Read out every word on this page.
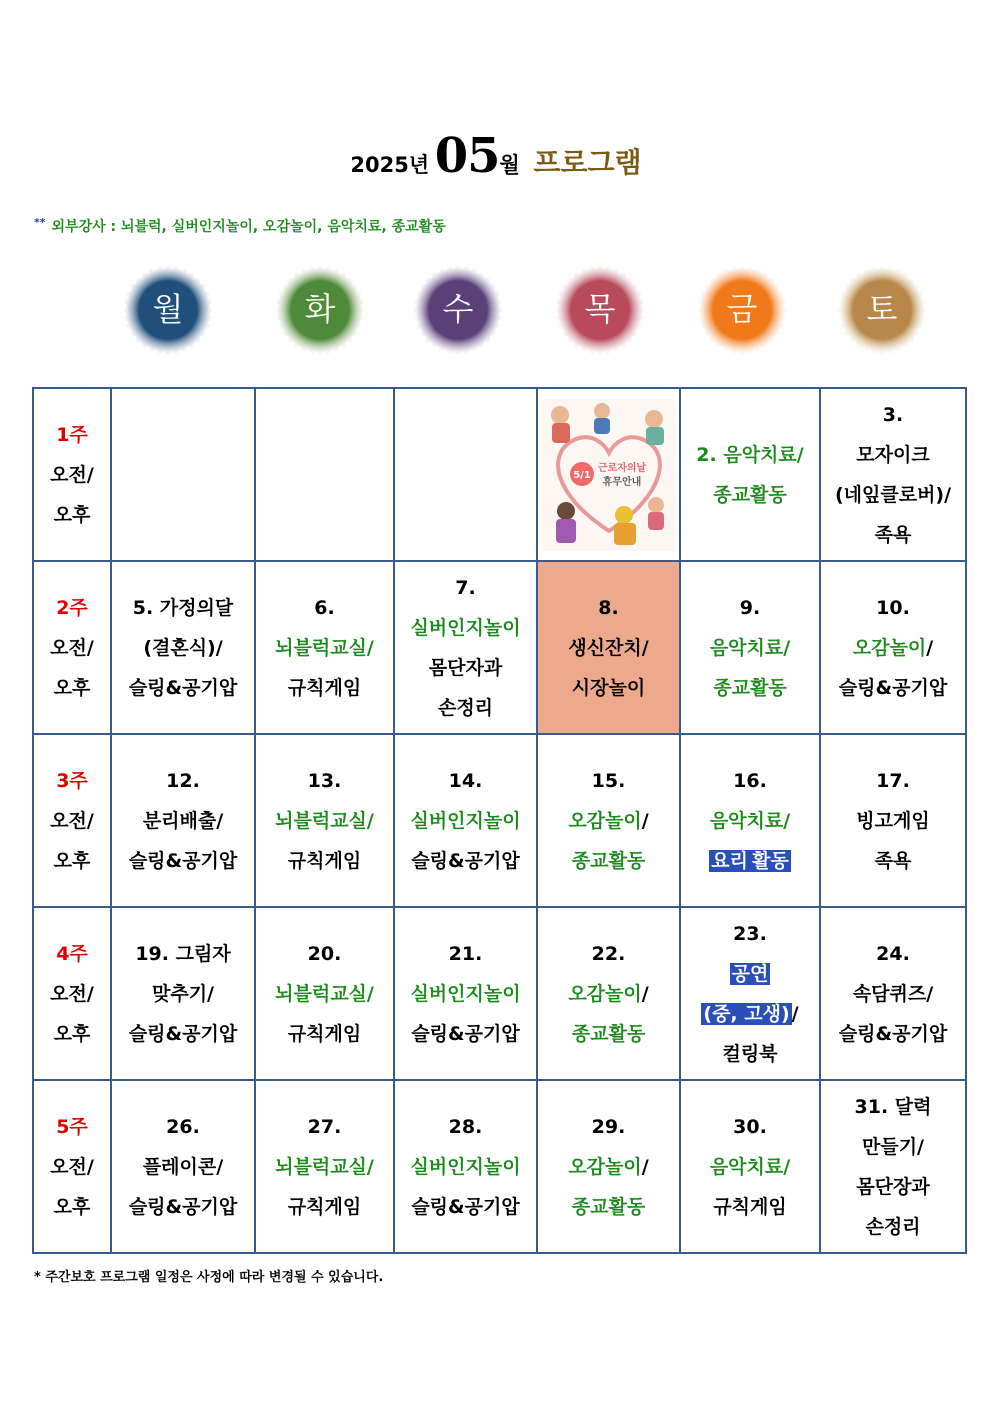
2025년 05월 프로그램
** 외부강사 : 뇌블럭, 실버인지놀이, 오감놀이, 음악치료, 종교활동
월	화	수	목	금	토
1주
오전/
오후				5/1
근로자의날
휴무안내	2. 음악치료/
종교활동	3.
모자이크
(네잎클로버)/
족욕

2주
오전/
오후	5. 가정의달
(결혼식)/
슬링&공기압	6.
뇌블럭교실/
규칙게임	7.
실버인지놀이
몸단자과
손정리	8.
생신잔치/
시장놀이	9.
음악치료/
종교활동	10.
오감놀이/
슬링&공기압

3주
오전/
오후	12.
분리배출/
슬링&공기압	13.
뇌블럭교실/
규칙게임	14.
실버인지놀이
슬링&공기압	15.
오감놀이/
종교활동	16.
음악치료/
요리 활동	17.
빙고게임
족욕

4주
오전/
오후	19. 그림자
맞추기/
슬링&공기압	20.
뇌블럭교실/
규칙게임	21.
실버인지놀이
슬링&공기압	22.
오감놀이/
종교활동	23.
공연
(중, 고생) /
컬링북	24.
속담퀴즈/
슬링&공기압

5주
오전/
오후	26.
플레이콘/
슬링&공기압	27.
뇌블럭교실/
규칙게임	28.
실버인지놀이
슬링&공기압	29.
오감놀이/
종교활동	30.
음악치료/
규칙게임	31. 달력
만들기/
몸단장과
손정리
* 주간보호 프로그램 일정은 사정에 따라 변경될 수 있습니다.
